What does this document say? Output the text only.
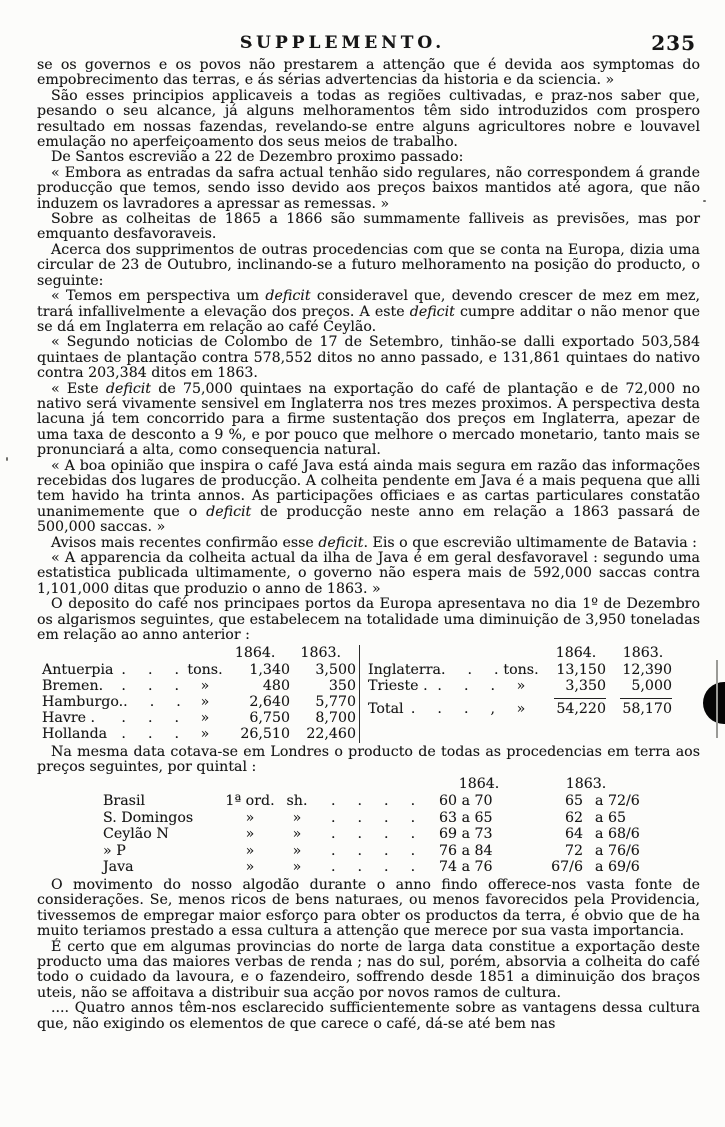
SUPPLEMENTO.	235

se os governos e os povos não prestarem a attenção que é devida aos symptomas do empobrecimento das terras, e ás sérias advertencias da historia e da sciencia. »

São esses principios applicaveis a todas as regiões cultivadas, e praz-nos saber que, pesando o seu alcance, já alguns melhoramentos têm sido introduzidos com prospero resultado em nossas fazendas, revelando-se entre alguns agricultores nobre e louvavel emulação no aperfeiçoamento dos seus meios de trabalho.

De Santos escrevião a 22 de Dezembro proximo passado:

« Embora as entradas da safra actual tenhão sido regulares, não correspondem á grande producção que temos, sendo isso devido aos preços baixos mantidos até agora, que não induzem os lavradores a apressar as remessas. »

Sobre as colheitas de 1865 a 1866 são summamente falliveis as previsões, mas por emquanto desfavoraveis.

Acerca dos supprimentos de outras procedencias com que se conta na Europa, dizia uma circular de 23 de Outubro, inclinando-se a futuro melhoramento na posição do producto, o seguinte:

« Temos em perspectiva um deficit consideravel que, devendo crescer de mez em mez, trará infallivelmente a elevação dos preços. A este deficit cumpre additar o não menor que se dá em Inglaterra em relação ao café Ceylão.

« Segundo noticias de Colombo de 17 de Setembro, tinhão-se dalli exportado 503,584 quintaes de plantação contra 578,552 ditos no anno passado, e 131,861 quintaes do nativo contra 203,384 ditos em 1863.

« Este deficit de 75,000 quintaes na exportação do café de plantação e de 72,000 no nativo será vivamente sensivel em Inglaterra nos tres mezes proximos. A perspectiva desta lacuna já tem concorrido para a firme sustentação dos preços em Inglaterra, apezar de uma taxa de desconto a 9 %, e por pouco que melhore o mercado monetario, tanto mais se pronunciará a alta, como consequencia natural.

« A boa opinião que inspira o café Java está ainda mais segura em razão das informações recebidas dos lugares de producção. A colheita pendente em Java é a mais pequena que alli tem havido ha trinta annos. As participações officiaes e as cartas particulares constatão unanimemente que o deficit de producção neste anno em relação a 1863 passará de 500,000 saccas. »

Avisos mais recentes confirmão esse deficit. Eis o que escrevião ultimamente de Batavia :

« A apparencia da colheita actual da ilha de Java é em geral desfavoravel : segundo uma estatistica publicada ultimamente, o governo não espera mais de 592,000 saccas contra 1,101,000 ditas que produzio o anno de 1863. »

O deposito do café nos principaes portos da Europa apresentava no dia 1º de Dezembro os algarismos seguintes, que estabelecem na totalidade uma diminuição de 3,950 toneladas em relação ao anno anterior :

1864.	1863.
Antuerpia .  .  . tons.	1,340	3,500
Bremen. .  .  .	»	480	350
Hamburgo. .  .  .	»	2,640	5,770
Havre . .  .  .	»	6,750	8,700
Hollanda .  .  .	»	26,510	22,460
1864.	1863.
Inglaterra .  .  . tons.	13,150	12,390
Trieste . .  .  .	»	3,350	5,000
Total .  .  .  ,	»	54,220	58,170

Na mesma data cotava-se em Londres o producto de todas as procedencias em terra aos preços seguintes, por quintal :

1864.	1863.
Brasil	1ª ord. sh.	.  .  .  .	60 a 70	65 a 72/6
S. Domingos	»	»	.  .  .  .	63 a 65	62 a 65
Ceylão N	»	»	.  .  .  .	69 a 73	64 a 68/6
» P	»	»	.  .  .  .	76 a 84	72 a 76/6
Java	»	»	.  .  .  .	74 a 76	67/6 a 69/6

O movimento do nosso algodão durante o anno findo offerece-nos vasta fonte de considerações. Se, menos ricos de bens naturaes, ou menos favorecidos pela Providencia, tivessemos de empregar maior esforço para obter os productos da terra, é obvio que de ha muito teriamos prestado a essa cultura a attenção que merece por sua vasta importancia.

É certo que em algumas provincias do norte de larga data constitue a exportação deste producto uma das maiores verbas de renda ; nas do sul, porém, absorvia a colheita do café todo o cuidado da lavoura, e o fazendeiro, soffrendo desde 1851 a diminuição dos braços uteis, não se affoitava a distribuir sua acção por novos ramos de cultura.

.... Quatro annos têm-nos esclarecido sufficientemente sobre as vantagens dessa cultura que, não exigindo os elementos de que carece o café, dá-se até bem nas
